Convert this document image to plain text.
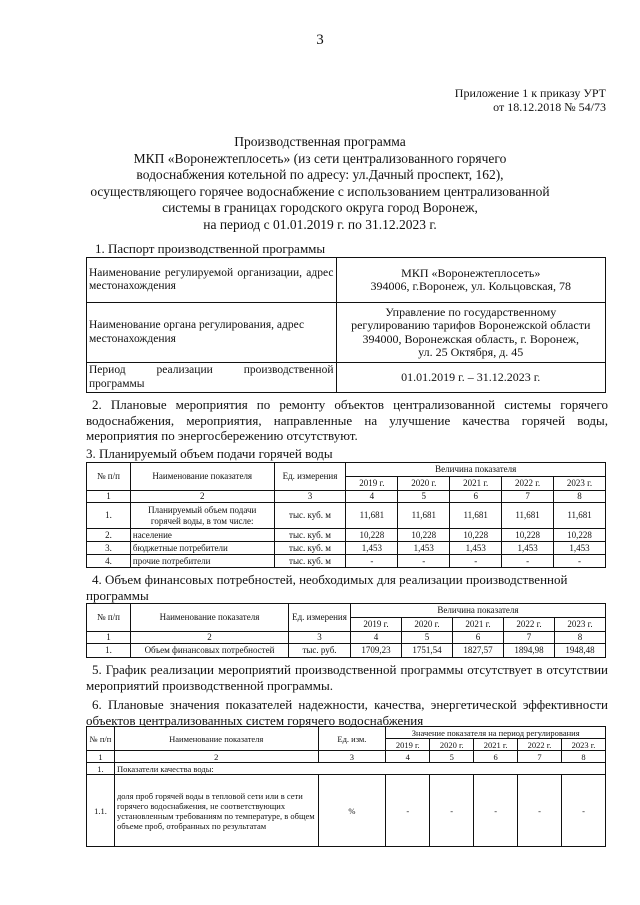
3
Приложение 1 к приказу УРТ
от 18.12.2018 № 54/73
Производственная программа
МКП «Воронежтеплосеть» (из сети централизованного горячего
водоснабжения котельной по адресу: ул.Дачный проспект, 162),
осуществляющего горячее водоснабжение с использованием централизованной
системы в границах городского округа город Воронеж,
на период с 01.01.2019 г. по 31.12.2023 г.
1. Паспорт производственной программы
Наименование регулируемой организации, адрес местонахождения	МКП «Воронежтеплосеть»
394006, г.Воронеж, ул. Кольцовская, 78

Наименование органа регулирования, адрес местонахождения	Управление по государственному
регулированию тарифов Воронежской области
394000, Воронежская область, г. Воронеж,
ул. 25 Октября, д. 45

Период реализации производственной программы	01.01.2019 г. – 31.12.2023 г.
2. Плановые мероприятия по ремонту объектов централизованной системы горячего водоснабжения, мероприятия, направленные на улучшение качества горячей воды, мероприятия по энергосбережению отсутствуют.
3. Планируемый объем подачи горячей воды
№ п/п	Наименование показателя	Ед. измерения	Величина показателя				
			2019 г.	2020 г.	2021 г.	2022 г.	2023 г.
1	2	3	4	5	6	7	8
1.	Планируемый объем подачи горячей воды, в том числе:	тыс. куб. м	11,681	11,681	11,681	11,681	11,681
2.	население	тыс. куб. м	10,228	10,228	10,228	10,228	10,228
3.	бюджетные потребители	тыс. куб. м	1,453	1,453	1,453	1,453	1,453
4.	прочие потребители	тыс. куб. м	-	-	-	-	-
4. Объем финансовых потребностей, необходимых для реализации производственной программы
№ п/п	Наименование показателя	Ед. измерения	Величина показателя				
			2019 г.	2020 г.	2021 г.	2022 г.	2023 г.
1	2	3	4	5	6	7	8
1.	Объем финансовых потребностей	тыс. руб.	1709,23	1751,54	1827,57	1894,98	1948,48
5. График реализации мероприятий производственной программы отсутствует в отсутствии мероприятий производственной программы.
6. Плановые значения показателей надежности, качества, энергетической эффективности объектов централизованных систем горячего водоснабжения
№ п/п	Наименование показателя	Ед. изм.	Значение показателя на период регулирования				
			2019 г.	2020 г.	2021 г.	2022 г.	2023 г.
1	2	3	4	5	6	7	8
1.	Показатели качества воды:						
1.1.	доля проб горячей воды в тепловой сети или в сети горячего водоснабжения, не соответствующих установленным требованиям по температуре, в общем объеме проб, отобранных по результатам	%	-	-	-	-	-
